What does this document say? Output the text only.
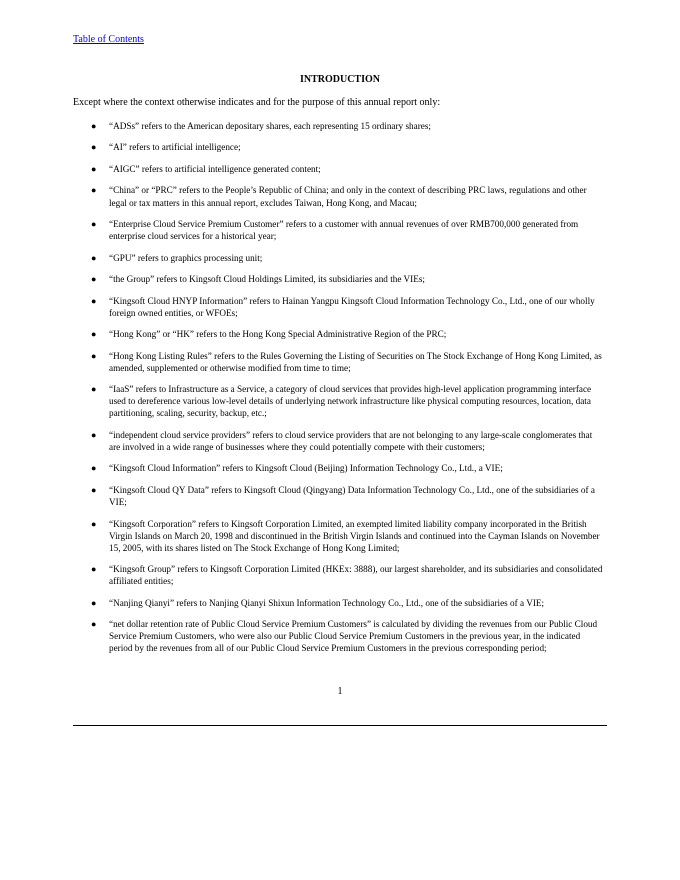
Table of Contents
INTRODUCTION
Except where the context otherwise indicates and for the purpose of this annual report only:
● “ADSs” refers to the American depositary shares, each representing 15 ordinary shares;
● “AI” refers to artificial intelligence;
● “AIGC” refers to artificial intelligence generated content;
● “China” or “PRC” refers to the People’s Republic of China; and only in the context of describing PRC laws, regulations and other legal or tax matters in this annual report, excludes Taiwan, Hong Kong, and Macau;
● “Enterprise Cloud Service Premium Customer” refers to a customer with annual revenues of over RMB700,000 generated from enterprise cloud services for a historical year;
● “GPU” refers to graphics processing unit;
● “the Group” refers to Kingsoft Cloud Holdings Limited, its subsidiaries and the VIEs;
● “Kingsoft Cloud HNYP Information” refers to Hainan Yangpu Kingsoft Cloud Information Technology Co., Ltd., one of our wholly foreign owned entities, or WFOEs;
● “Hong Kong” or “HK” refers to the Hong Kong Special Administrative Region of the PRC;
● “Hong Kong Listing Rules” refers to the Rules Governing the Listing of Securities on The Stock Exchange of Hong Kong Limited, as amended, supplemented or otherwise modified from time to time;
● “IaaS” refers to Infrastructure as a Service, a category of cloud services that provides high-level application programming interface used to dereference various low-level details of underlying network infrastructure like physical computing resources, location, data partitioning, scaling, security, backup, etc.;
● “independent cloud service providers” refers to cloud service providers that are not belonging to any large-scale conglomerates that are involved in a wide range of businesses where they could potentially compete with their customers;
● “Kingsoft Cloud Information” refers to Kingsoft Cloud (Beijing) Information Technology Co., Ltd., a VIE;
● “Kingsoft Cloud QY Data” refers to Kingsoft Cloud (Qingyang) Data Information Technology Co., Ltd., one of the subsidiaries of a VIE;
● “Kingsoft Corporation” refers to Kingsoft Corporation Limited, an exempted limited liability company incorporated in the British Virgin Islands on March 20, 1998 and discontinued in the British Virgin Islands and continued into the Cayman Islands on November 15, 2005, with its shares listed on The Stock Exchange of Hong Kong Limited;
● “Kingsoft Group” refers to Kingsoft Corporation Limited (HKEx: 3888), our largest shareholder, and its subsidiaries and consolidated affiliated entities;
● “Nanjing Qianyi” refers to Nanjing Qianyi Shixun Information Technology Co., Ltd., one of the subsidiaries of a VIE;
● “net dollar retention rate of Public Cloud Service Premium Customers” is calculated by dividing the revenues from our Public Cloud Service Premium Customers, who were also our Public Cloud Service Premium Customers in the previous year, in the indicated period by the revenues from all of our Public Cloud Service Premium Customers in the previous corresponding period;
1
